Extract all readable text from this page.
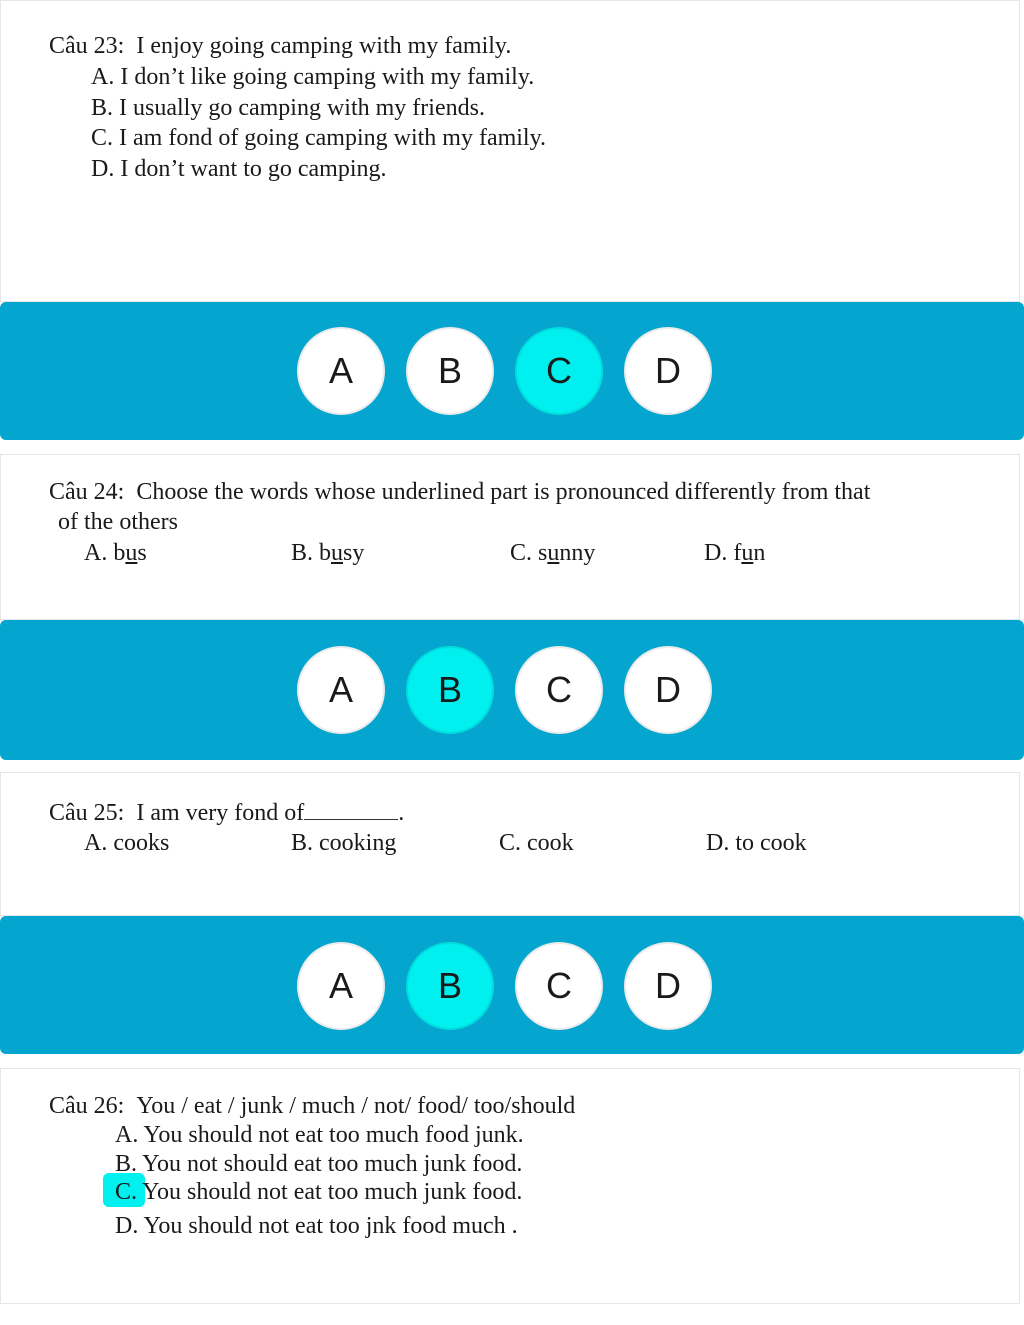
Câu 23: I enjoy going camping with my family.
A. I don’t like going camping with my family.
B. I usually go camping with my friends.
C. I am fond of going camping with my family.
D. I don’t want to go camping.
A	B	C	D
Câu 24: Choose the words whose underlined part is pronounced differently from that
of the others
A. bus	B. busy	C. sunny	D. fun
A	B	C	D
Câu 25: I am very fond of	.
A. cooks	B. cooking	C. cook	D. to cook
A	B	C	D
Câu 26: You / eat / junk / much / not/ food/ too/should
A. You should not eat too much food junk.
B. You not should eat too much junk food.
C. You should not eat too much junk food.
D. You should not eat too jnk food much .
